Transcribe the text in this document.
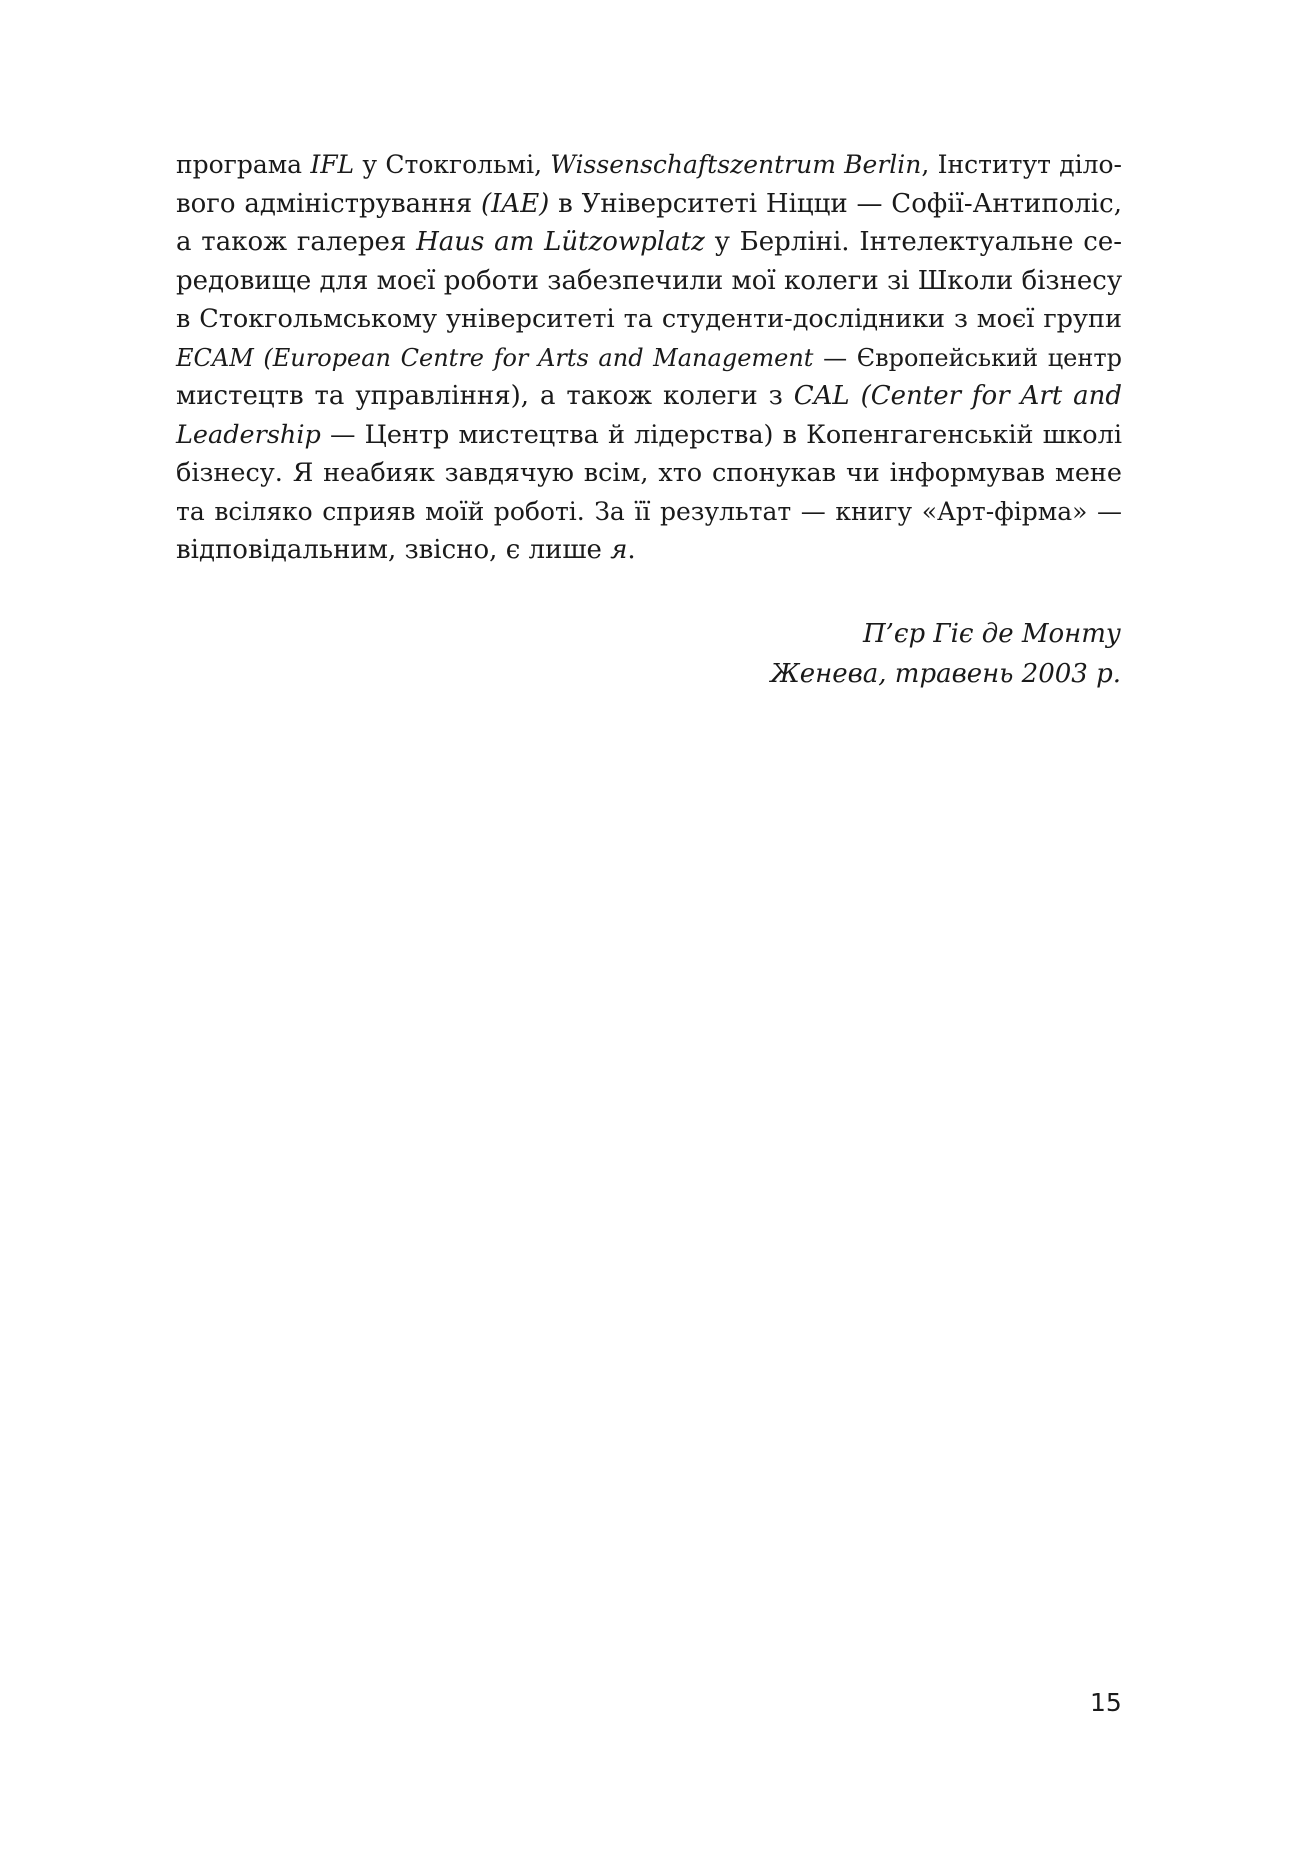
програма IFL у Стокгольмі, Wissenschaftszentrum Berlin, Інститут діло-
вого адміністрування (IAE) в Університеті Ніцци — Софії-Антиполіс,
а також галерея Haus am Lützowplatz у Берліні. Інтелектуальне се-
редовище для моєї роботи забезпечили мої колеги зі Школи бізнесу
в Стокгольмському університеті та студенти-дослідники з моєї групи
ECAM (European Centre for Arts and Management — Європейський центр
мистецтв та управління), а також колеги з CAL (Center for Art and
Leadership — Центр мистецтва й лідерства) в Копенгагенській школі
бізнесу. Я неабияк завдячую всім, хто спонукав чи інформував мене
та всіляко сприяв моїй роботі. За її результат — книгу «Арт-фірма» —
відповідальним, звісно, є лише я.
П’єр Гіє де Монту
Женева, травень 2003 р.
15
